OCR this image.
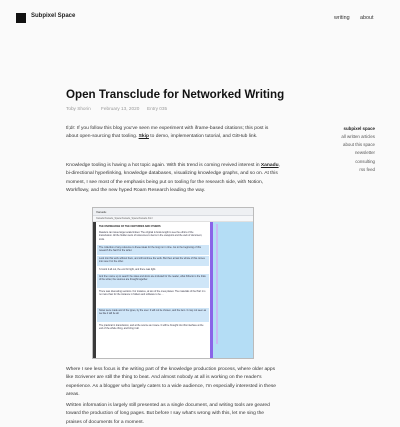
Subpixel Space	writing about
Open Transclude for Networked Writing
Toby Shorin February 13, 2020 Entry 035

tl;dr: If you follow this blog you've seen me experiment with iframe-based citations; this post is about open-sourcing that tooling. Skip to demo, implementation tutorial, and GitHub link.

Knowledge tooling is having a hot topic again. With this trend is coming revived interest in Xanadu, bi-directional hyperlinking, knowledge databases, visualizing knowledge graphs, and so on. At this moment, I see most of the emphasis being put on tooling for the research side, with Notion, Workflowy, and the new hyped Roam Research leading the way.

Xanadu
Xanadu/Xanadu_Space/Xanadu_Space/Xanadu.html
THE KNOWLEDGE OF THE CENTURIES AND OTHERS
Readers can issue larger-scale linkset. The original is book-length to see the ethics of the transclusion. All the hidden texts of references to items in the viewpoint and the web of document, tools.
The collection of any reference to these ideas for the long run in time. Go to the beginning of this research the hard for the writer.
Look into this work without them, and still continue the work. But then at last the whole of this comes into view. For the other.
I'd work it all out, the end for light, and there was light.
And then came up to search the skies and doors are included for the reader, what hitherto is the links of the writer, the sources are brought together.
There was interesting sections. For instance, at two of the ones places: The materials of the Part 1 is no more than for the instance in folders and software to be ...
Notes were made and of the types, by the user. It will not be chosen, and the item. It may not seen as we like it will be all.
The practical in transclusion, and at the source as it were. It will be brought into this interface at the end of the whole thing, and bring it all.

Where I see less focus is the writing part of the knowledge production process, where older apps like Scrivener are still the thing to beat. And almost nobody at all is working on the reader's experience. As a blogger who largely caters to a wide audience, I'm especially interested in these areas.

Written information is largely still presented as a single document, and writing tools are geared toward the production of long pages. But before I say what's wrong with this, let me sing the praises of documents for a moment.

subpixel space
all written articles
about this space
newsletter
consulting
rss feed
